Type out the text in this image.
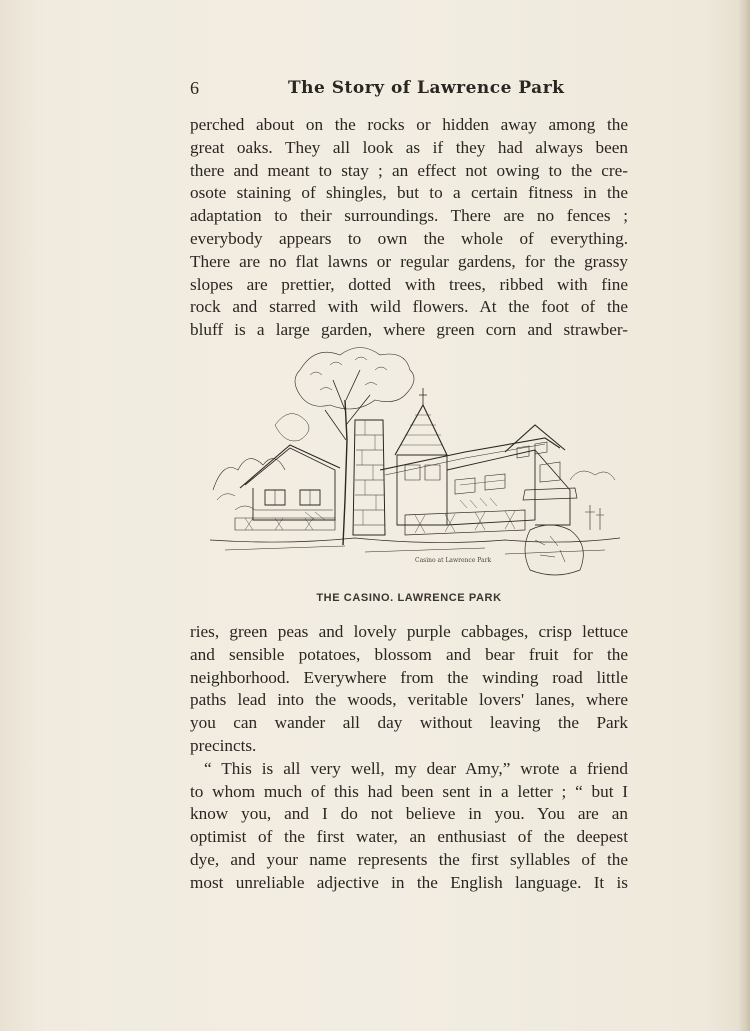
6	The Story of Lawrence Park
perched about on the rocks or hidden away among the
great oaks. They all look as if they had always been
there and meant to stay ; an effect not owing to the cre-
osote staining of shingles, but to a certain fitness in the
adaptation to their surroundings. There are no fences ;
everybody appears to own the whole of everything.
There are no flat lawns or regular gardens, for the grassy
slopes are prettier, dotted with trees, ribbed with fine
rock and starred with wild flowers. At the foot of the
bluff is a large garden, where green corn and strawber-
Casino at Lawrence Park
THE CASINO. LAWRENCE PARK
ries, green peas and lovely purple cabbages, crisp lettuce
and sensible potatoes, blossom and bear fruit for the
neighborhood. Everywhere from the winding road little
paths lead into the woods, veritable lovers' lanes, where
you can wander all day without leaving the Park
precincts.
“ This is all very well, my dear Amy,” wrote a friend
to whom much of this had been sent in a letter ; “ but I
know you, and I do not believe in you. You are an
optimist of the first water, an enthusiast of the deepest
dye, and your name represents the first syllables of the
most unreliable adjective in the English language. It is
